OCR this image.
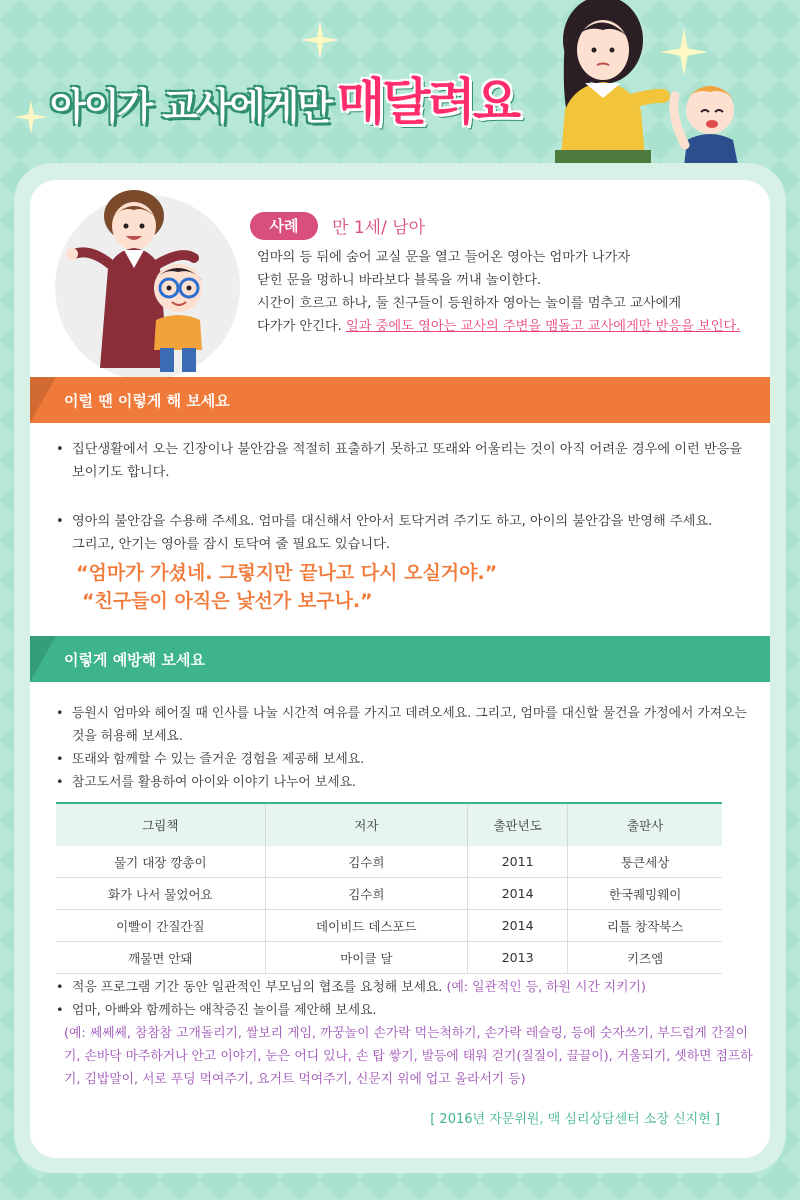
아이가 교사에게만 매달려요
사례	만 1세/ 남아

엄마의 등 뒤에 숨어 교실 문을 열고 들어온 영아는 엄마가 나가자

닫힌 문을 멍하니 바라보다 블록을 꺼내 놀이한다.

시간이 흐르고 하나, 둘 친구들이 등원하자 영아는 놀이를 멈추고 교사에게

다가가 안긴다. 일과 중에도 영아는 교사의 주변을 맴돌고 교사에게만 반응을 보인다.

이럴 땐 이렇게 해 보세요

• 집단생활에서 오는 긴장이나 불안감을 적절히 표출하기 못하고 또래와 어울리는 것이 아직 어려운 경우에 이런 반응을 보이기도 합니다.

• 영아의 불안감을 수용해 주세요. 엄마를 대신해서 안아서 토닥거려 주기도 하고, 아이의 불안감을 반영해 주세요.
그리고, 안기는 영아를 잠시 토닥여 줄 필요도 있습니다.

“엄마가 가셨네. 그렇지만 끝나고 다시 오실거야.”
“친구들이 아직은 낯선가 보구나.”
이렇게 예방해 보세요

• 등원시 엄마와 헤어질 때 인사를 나눌 시간적 여유를 가지고 데려오세요. 그리고, 엄마를 대신할 물건을 가정에서 가져오는 것을 허용해 보세요.

• 또래와 함께할 수 있는 즐거운 경험을 제공해 보세요.

• 참고도서를 활용하여 아이와 이야기 나누어 보세요.

그림책	저자	출판년도	출판사
물기 대장 깡총이	김수희	2011	퉁큰세상
화가 나서 물었어요	김수희	2014	한국퀘밍웨이
이빨이 간질간질	데이비드 데스포드	2014	리틀 창작북스
깨물면 안돼	마이클 달	2013	키즈엠

• 적응 프로그램 기간 동안 일관적인 부모님의 협조를 요청해 보세요. (예: 일관적인 등, 하원 시간 지키기)

• 엄마, 아빠와 함께하는 애착증진 놀이를 제안해 보세요.

(예: 쎄쎄쎄, 참참참 고개돌리기, 쌀보리 게임, 까꿍놀이 손가락 먹는척하기, 손가락 레슬링, 등에 숫자쓰기, 부드럽게 간질이기, 손바닥 마주하거나 안고 이야기, 눈은 어디 있나, 손 탑 쌓기, 발등에 태워 걷기(질질이, 끌끌이), 거울되기, 셋하면 점프하기, 김밥말이, 서로 푸딩 먹여주기, 요거트 먹여주기, 신문지 위에 업고 올라서기 등)

[ 2016년 자문위원, 맥 심리상담센터 소장 신지현 ]
